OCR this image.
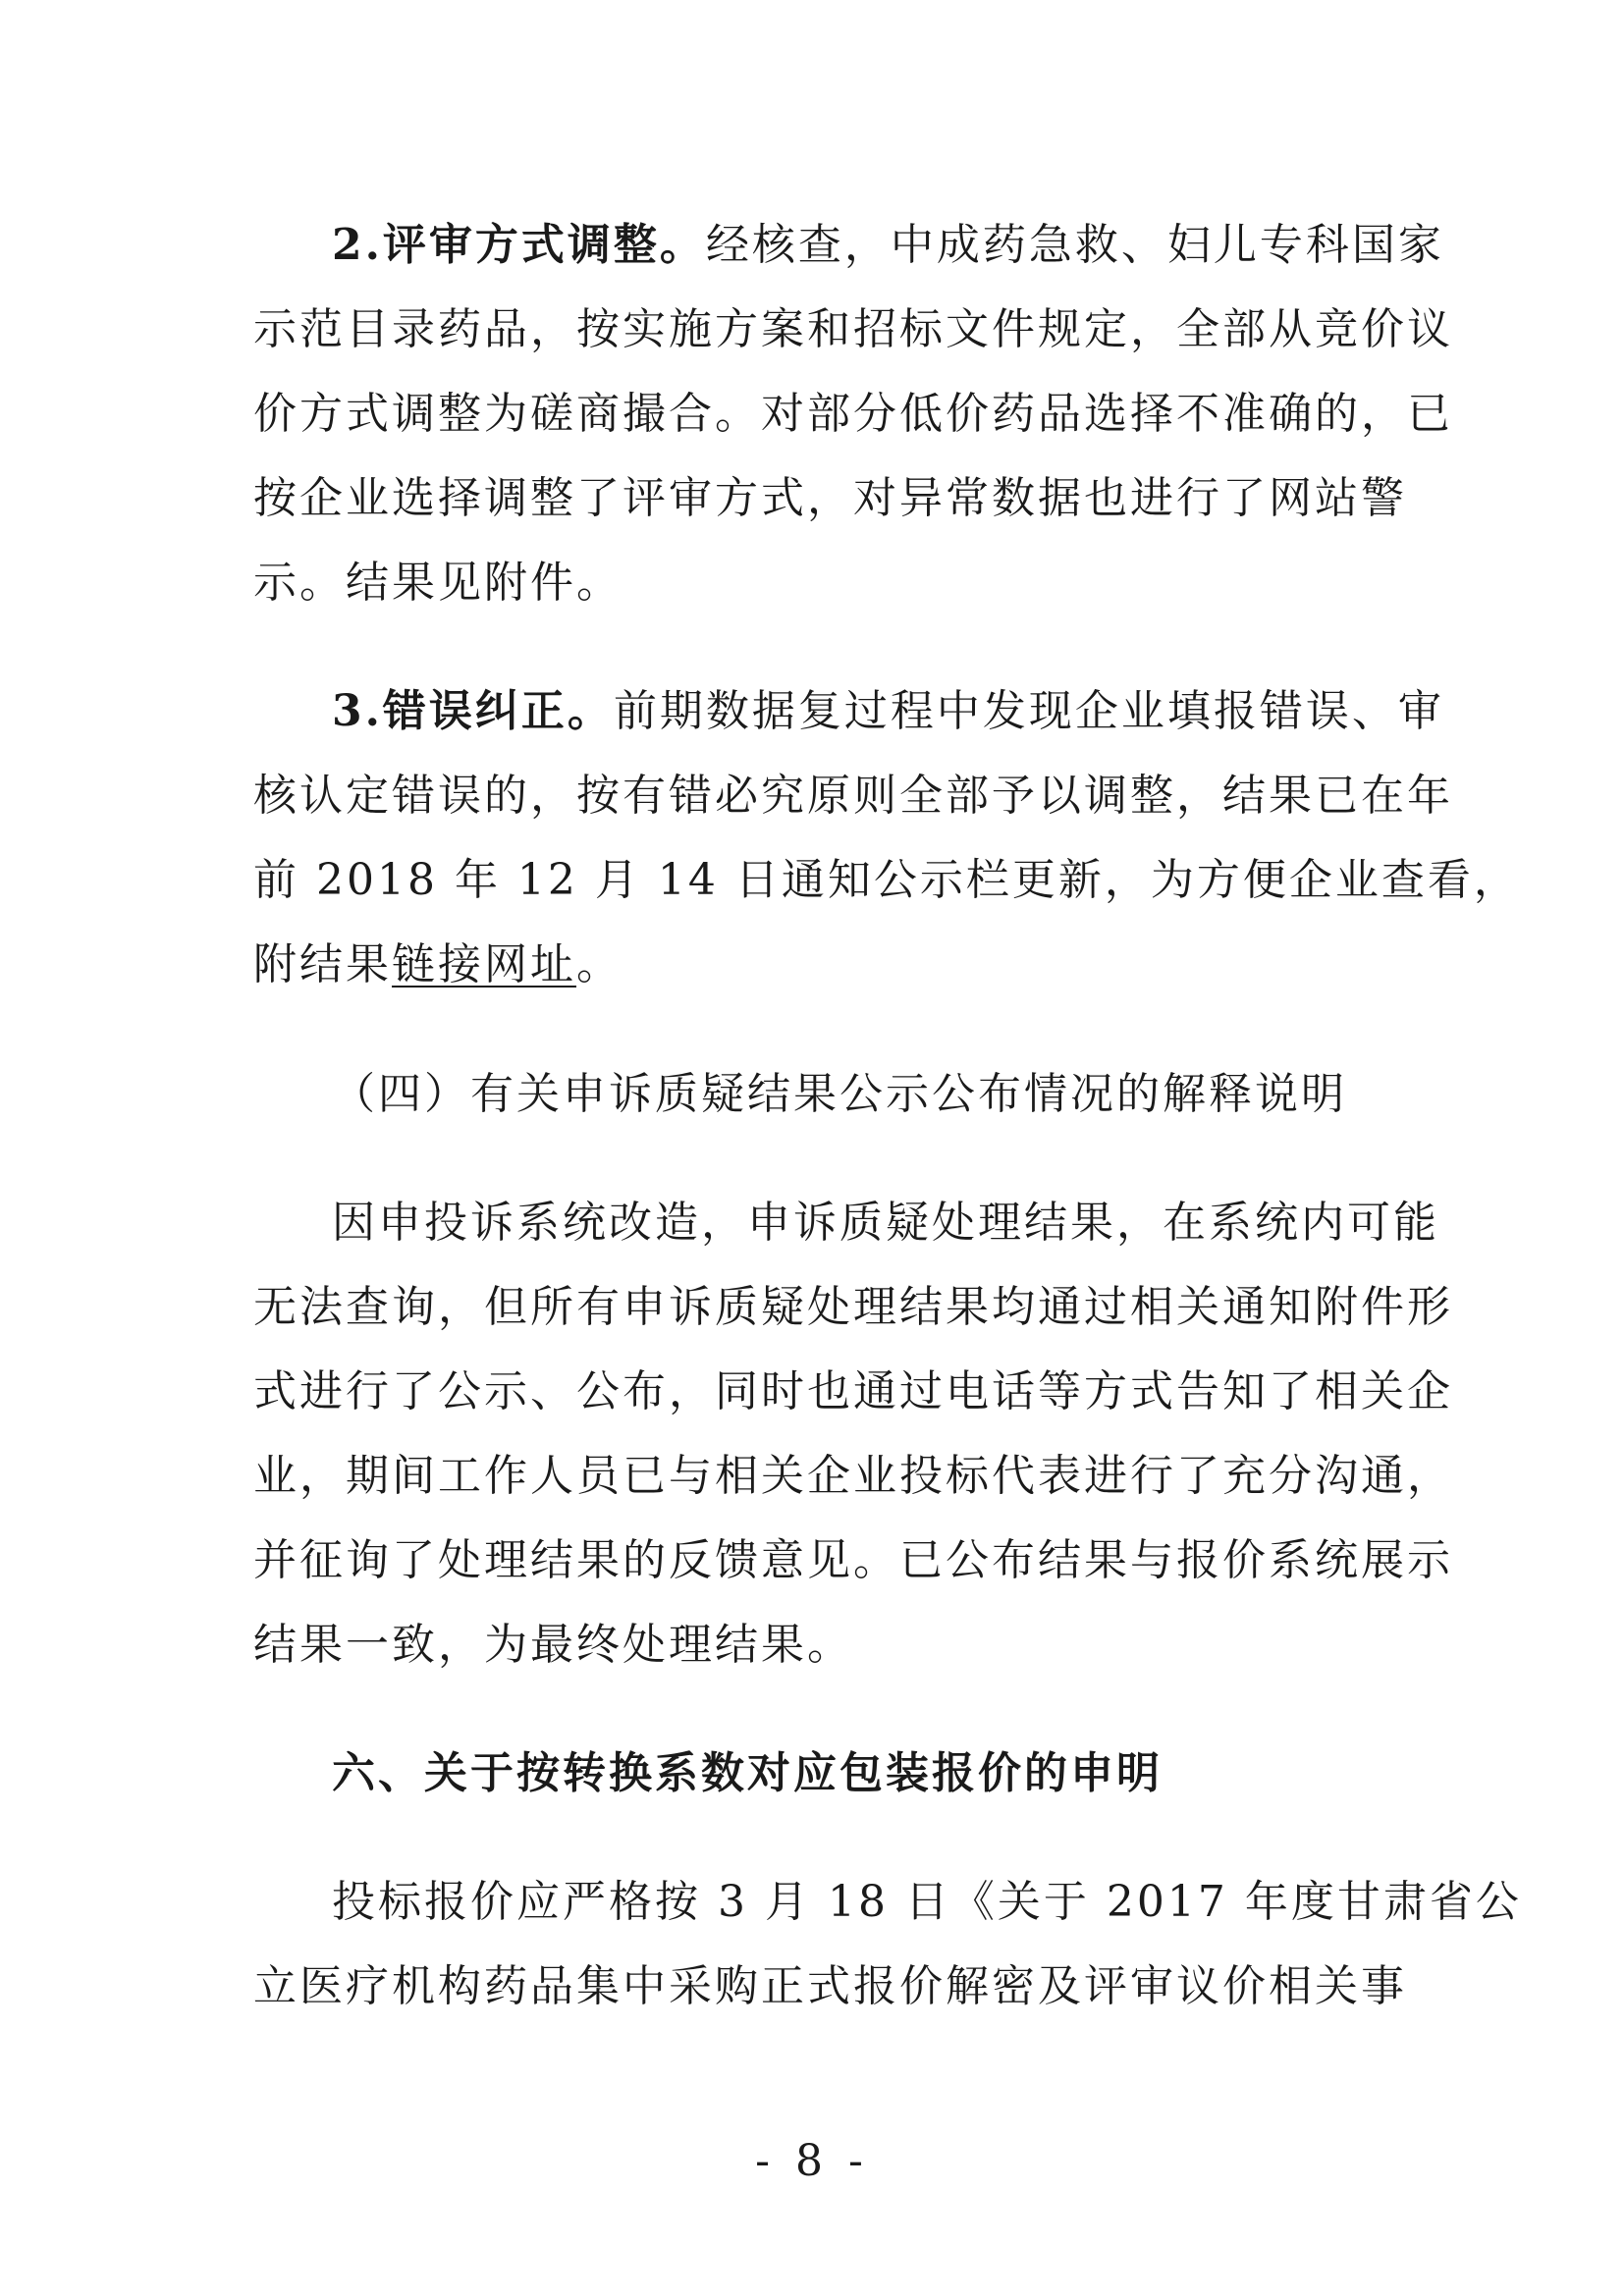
2.评审方式调整。经核查，中成药急救、妇儿专科国家
示范目录药品，按实施方案和招标文件规定，全部从竞价议
价方式调整为磋商撮合。对部分低价药品选择不准确的，已
按企业选择调整了评审方式，对异常数据也进行了网站警
示。结果见附件。
3.错误纠正。前期数据复过程中发现企业填报错误、审
核认定错误的，按有错必究原则全部予以调整，结果已在年
前 2018 年 12 月 14 日通知公示栏更新，为方便企业查看，
附结果链接网址。
（四）有关申诉质疑结果公示公布情况的解释说明
因申投诉系统改造，申诉质疑处理结果，在系统内可能
无法查询，但所有申诉质疑处理结果均通过相关通知附件形
式进行了公示、公布，同时也通过电话等方式告知了相关企
业，期间工作人员已与相关企业投标代表进行了充分沟通，
并征询了处理结果的反馈意见。已公布结果与报价系统展示
结果一致，为最终处理结果。
六、关于按转换系数对应包装报价的申明
投标报价应严格按 3 月 18 日《关于 2017 年度甘肃省公
立医疗机构药品集中采购正式报价解密及评审议价相关事
- 8 -
